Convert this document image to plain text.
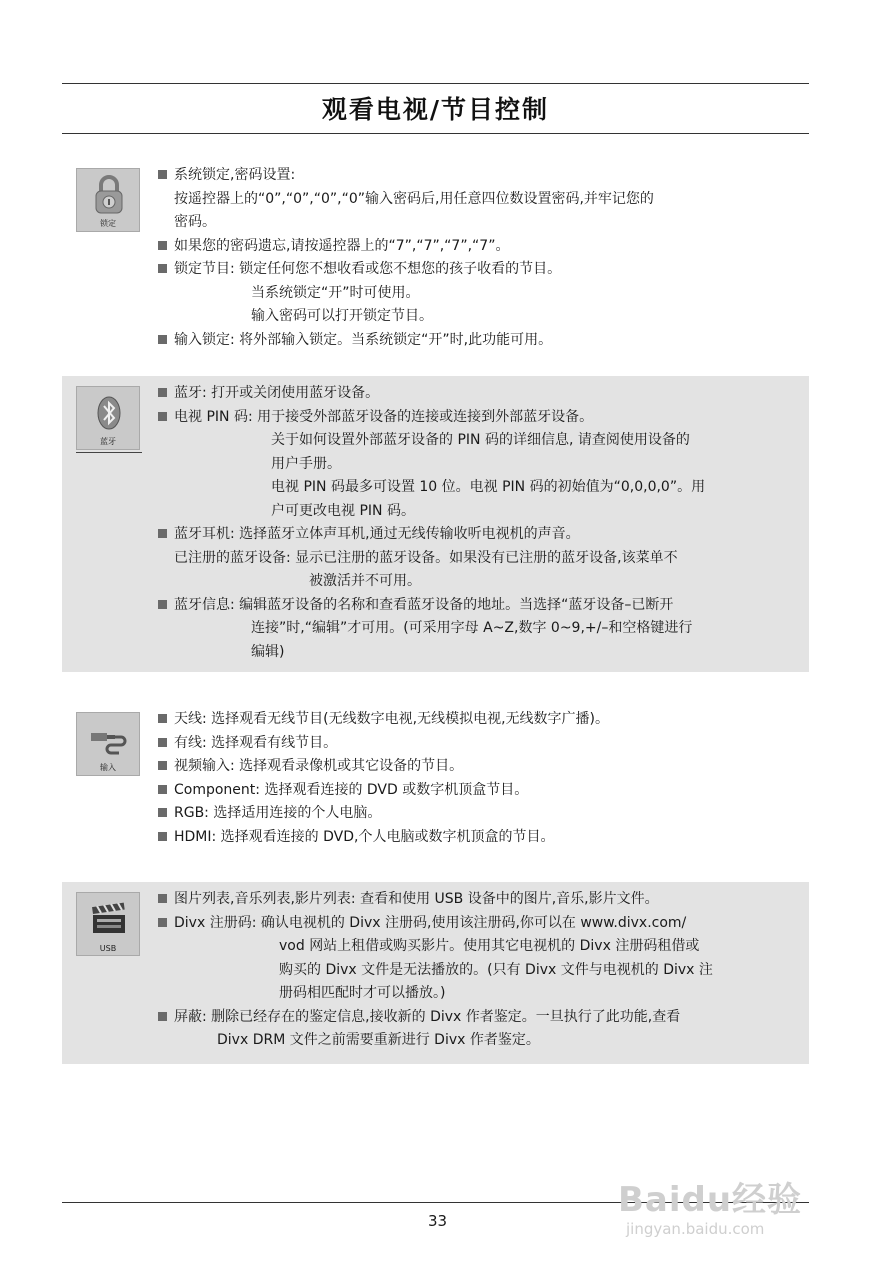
观看电视/节目控制
锁定
系统锁定,密码设置:
按遥控器上的“0”,“0”,“0”,“0”输入密码后,用任意四位数设置密码,并牢记您的
密码。
如果您的密码遗忘,请按遥控器上的“7”,“7”,“7”,“7”。
锁定节目: 锁定任何您不想收看或您不想您的孩子收看的节目。
当系统锁定“开”时可使用。
输入密码可以打开锁定节目。
输入锁定: 将外部输入锁定。当系统锁定“开”时,此功能可用。
蓝牙
蓝牙: 打开或关闭使用蓝牙设备。
电视 PIN 码: 用于接受外部蓝牙设备的连接或连接到外部蓝牙设备。
关于如何设置外部蓝牙设备的 PIN 码的详细信息, 请查阅使用设备的
用户手册。
电视 PIN 码最多可设置 10 位。电视 PIN 码的初始值为“0,0,0,0”。用
户可更改电视 PIN 码。
蓝牙耳机: 选择蓝牙立体声耳机,通过无线传输收听电视机的声音。
已注册的蓝牙设备: 显示已注册的蓝牙设备。如果没有已注册的蓝牙设备,该菜单不
被激活并不可用。
蓝牙信息: 编辑蓝牙设备的名称和查看蓝牙设备的地址。当选择“蓝牙设备–已断开
连接”时,“编辑”才可用。(可采用字母 A~Z,数字 0~9,+/–和空格键进行
编辑)
输入
天线: 选择观看无线节目(无线数字电视,无线模拟电视,无线数字广播)。
有线: 选择观看有线节目。
视频输入: 选择观看录像机或其它设备的节目。
Component: 选择观看连接的 DVD 或数字机顶盒节目。
RGB: 选择适用连接的个人电脑。
HDMI: 选择观看连接的 DVD,个人电脑或数字机顶盒的节目。
USB
图片列表,音乐列表,影片列表: 查看和使用 USB 设备中的图片,音乐,影片文件。
Divx 注册码: 确认电视机的 Divx 注册码,使用该注册码,你可以在 www.divx.com/
vod 网站上租借或购买影片。使用其它电视机的 Divx 注册码租借或
购买的 Divx 文件是无法播放的。(只有 Divx 文件与电视机的 Divx 注
册码相匹配时才可以播放。)
屏蔽: 删除已经存在的鉴定信息,接收新的 Divx 作者鉴定。一旦执行了此功能,查看
Divx DRM 文件之前需要重新进行 Divx 作者鉴定。
33
Baidu经验
jingyan.baidu.com
